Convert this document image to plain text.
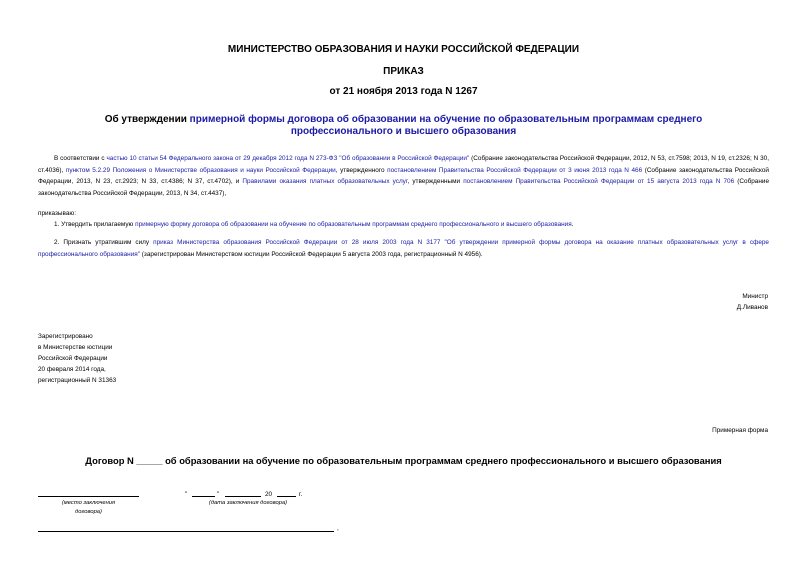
МИНИСТЕРСТВО ОБРАЗОВАНИЯ И НАУКИ РОССИЙСКОЙ ФЕДЕРАЦИИ
ПРИКАЗ
от 21 ноября 2013 года N 1267
Об утверждении примерной формы договора об образовании на обучение по образовательным программам среднего профессионального и высшего образования
В соответствии с частью 10 статьи 54 Федерального закона от 29 декабря 2012 года N 273-ФЗ "Об образовании в Российской Федерации" (Собрание законодательства Российской Федерации, 2012, N 53, ст.7598; 2013, N 19, ст.2326; N 30, ст.4036), пунктом 5.2.29 Положения о Министерстве образования и науки Российской Федерации, утвержденного постановлением Правительства Российской Федерации от 3 июня 2013 года N 466 (Собрание законодательства Российской Федерации, 2013, N 23, ст.2923; N 33, ст.4386; N 37, ст.4702), и Правилами оказания платных образовательных услуг, утвержденными постановлением Правительства Российской Федерации от 15 августа 2013 года N 706 (Собрание законодательства Российской Федерации, 2013, N 34, ст.4437),
приказываю:
1. Утвердить прилагаемую примерную форму договора об образовании на обучение по образовательным программам среднего профессионального и высшего образования.
2. Признать утратившим силу приказ Министерства образования Российской Федерации от 28 июля 2003 года N 3177 "Об утверждении примерной формы договора на оказание платных образовательных услуг в сфере профессионального образования" (зарегистрирован Министерством юстиции Российской Федерации 5 августа 2003 года, регистрационный N 4956).
Министр
Д.Ливанов
Зарегистрировано
в Министерстве юстиции
Российской Федерации
20 февраля 2014 года,
регистрационный N 31363
Примерная форма
Договор N _____ об образовании на обучение по образовательным программам среднего профессионального и высшего образования
(место заключения
договора)
"	"	20	г.
(дата заключения договора)
,
